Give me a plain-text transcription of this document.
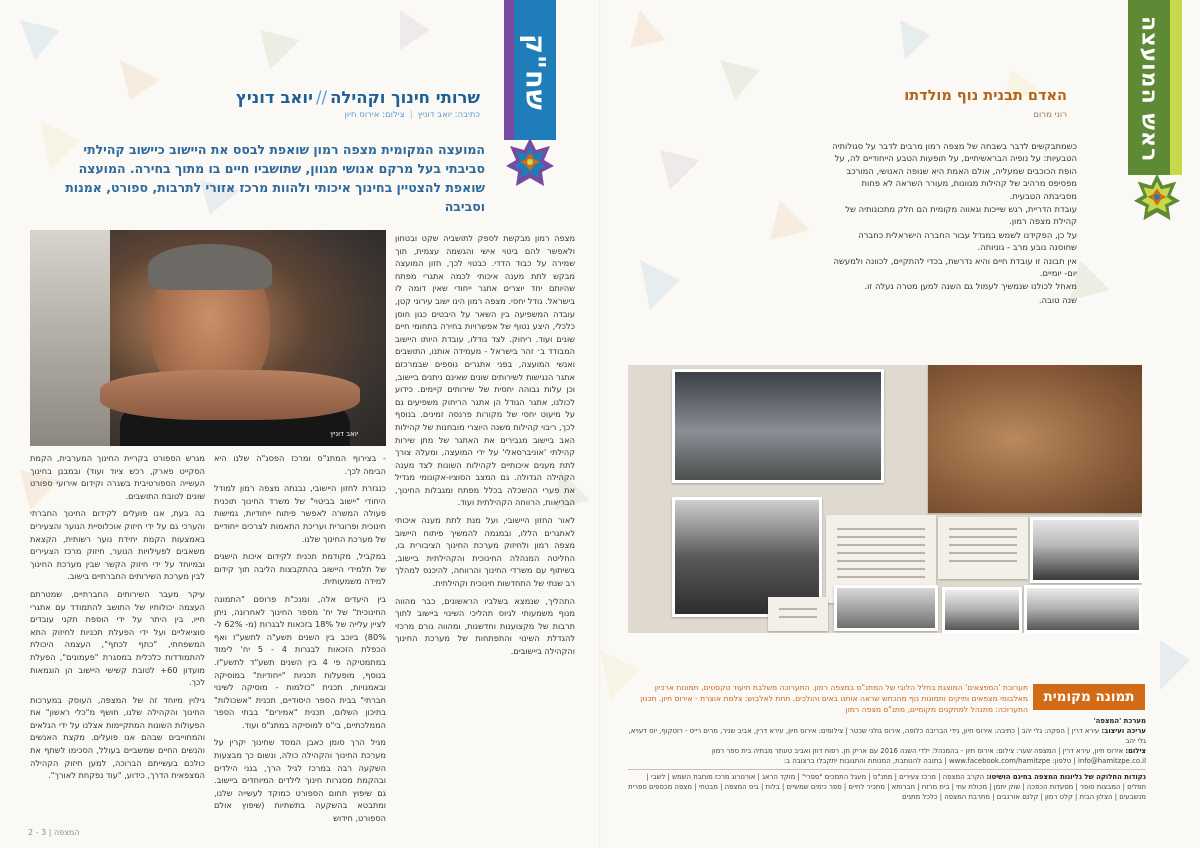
שח"ק
שרותי חינוך וקהילה//יואב דוניץ
כתיבה: יואב דוניץ|צילום: אירוס חיון
המועצה המקומית מצפה רמון שואפת לבסס את היישוב כיישוב קהילתי סביבתי בעל מרקם אנושי מגוון, שתושביו חיים בו מתוך בחירה. המועצה שואפת להצטיין בחינוך איכותי ולהוות מרכז אזורי לתרבות, ספורט, אמנות וסביבה
יואב דוניץ

מצפה רמון מבקשת לספק לתושביה שקט ובטחון ולאפשר להם ביטוי אישי והגשמה עצמית, תוך שמירה על כבוד הדדי. כבטוי לכך, חזון המועצה מבקש לתת מענה איכותי לכמה אתגרי מפתח שהיותם יחד יוצרים אתגר ייחודי שאין דומה לו בישראל. גודל יחסי. מצפה רמון הינו ישוב עירוני קטן, עובדה המשפיעה בין השאר על היבטים כגון חוסן כלכלי, היצע נטוף של אפשרויות בחירה בתחומי חיים שונים ועוד. ריחוק. לצד גודלו, עובדת היותו היישוב המבודד ב׳ זהר בישראל - מעמידה אותנו, התושבים ואנשי המועצה, בפני אתגרים נוספים שבמרכזם אתגר הנגישות לשירותים שונים שאינם ניתנים ביישוב, וכן עלות גבוהה יחסית של שירותים קיימים. כידוע לכולנו, אתגר הגודל הן אתגר הריחוק משפיעים גם על מיעוט יחסי של מקורות פרנסה זמינים. בנוסף לכך, ריבוי קהילות משנה היוצרי מובחנות של קהילות האב ביישוב מגבירים את האתגר של מתן שירות קהילתי 'אוניברסאלי' על ידי המועצה, ומעלה צורך לתת מענים איכותיים לקהילות השונות לצד מענה הקהילה הגדולה. גם המצב הסוציו-אקונומי מגדיל את פערי ההשכלה בכלל מפתח ומגבלות החינוך, הבריאות, הרווחה הקהילתית ועוד.

לאור החזון היישובי, ועל מנת לתת מענה איכותי לאתגרים הללו, ובמגמה להמשיך פיתוח היישוב מצפה רמון ולחיזוק מערכת החינוך הציבורית בו, החליטה המנהלה החינוכית והקהילתית ביישוב, בשיתוף עם משרדי החינוך והרווחה, להיכנס למהלך רב שנתי של התחדשות חינוכית וקהילתית.

התהליך, שנמצא בשלביו הראשונים, כבר מהווה מנוף משמעותי לגיוס תהליכי השינוי ביישוב לתוך תרבות של מקצוענות וחדשנות, ומהווה גורם מרכזי להגדלת השינוי והתפתחות של מערכת החינוך והקהילה ביישובים.

- בצירוף המתנ"ס ומרכז הפסג"ה שלנו היא הבימה לכך.

כנגזרת לחזון היישובי, נבנתה מצפה רמון למודל היחודי "יישוב בביטוי" של משרד החינוך תוכנית פעולה המשרה לאפשר פיתוח ייחודיות, גמישות חינוכית ופרוגרית ועריכת התאמות לצרכים ייחודיים של מערכת החינוך שלנו.

במקביל, מקודמת תכנית לקידום איכות הישגים של תלמידי היישוב בהתקבצות הליבה תוך קידום למידה משמעותית.

בין היעדים אלה, ומנכ"ת פרוסם "התמונה החינוכית" של יח' מספר החינוך לאחרונה, ניתן לציין עלייה של 18% בזכאות לבגרות (מ- 62% ל- 80%) ביוכב בין השנים תשע"ה לתשע"ז ואף הכפלת הזכאות לבגרות 4 - 5 יח' לימוד במתמטיקה פי 4 בין השנים תשע"ד לתשע"ז. בנוסף, מופעלות תכניות "ייחודיות" במוסיקה ובאמנויות, תכנית "כולמות - מוסיקה לשינוי חברתי" בבית הספר היסודיים, תכנית "אשכולות" בתיכון השלום, תכנית "אמירים" בבתי הספר הממלכתיים, בי"ס למוסיקה במתנ"ס ועוד.

מגיל הרך סומן כאבן המסד שחינוך יקרין על מערכת החינוך והקהילה כולה, ונשום כך מבצעות השקעה רבה במרכז לגיל הרך, בגני הילדים ובהקמת מסגרות חינוך לילדים המיוחדים ביישוב. גם שיפוץ תחום הספורט כמוקד לעשייה שלנו, ומתבטא בהשקעה בתשתיות (שיפוץ אולם הספורט, חידוש

מגרש הספורט בקריית החינוך המערבית, הקמת הסקייט פארק, רכש ציוד ועוד) ובמבנן בחינוך העשייה הספורטיבית בשגרה וקידום אירועי ספורט שונים לטובת התושבים.

בה בעת, אנו פועלים לקידום החינוך החברתי והערכי גם על ידי חיזוק אוכלוסיית הנוער והצעירים באמצעות הקמת יחידת נוער רשותית, הקצאת משאבים לפעילויות הנוער, חיזוק מרכז הצעירים ובמיוחד על ידי חיזוק הקשר שבין מערכת החינוך לבין מערכת השירותים החברתיים בישוב.

עיקר מעבר השירותים החברתיים, שמטרתם העצמה יכולותיו של התושב להתמודד עם אתגרי חייו, בין היתר על ידי הוספת תקני עובדים סוציאליים ועל ידי הפעלת תכניות לחיזוק התא המשפחתי, "כתף לכתף", העצמה היכולת להתמודדות כלכלית במסגרת "פעמונים", הפעלת מועדון 60+ לטובת קשישי היישוב הן הוגמאות לכך.

גילוין מיוחד זה של המצפה, העוסק במערכות החינוך והקהילה שלנו, חושף מ"כלי ראשון" את הפעולות השונות המתקיימות אצלנו על ידי הגלאים והמחוייבים שבהם אנו פועלים. מקצת האנשים והנשים החיים שמשביים בעולל, הסכימו לשתף את כולכם בעשייתם הברוכה, למען חיזוק הקהילה המצפאית הדרך, כידוע, "עוד נפקחת לאורך".

2 - 3 | המצפה
ראש המועצה
האדם תבנית נוף מולדתו
רוני מרום

כשמתבקשים לדבר בשבחה של מצפה רמון מרבים לדבר על סגולותיה הטבעיות: על נופיה הבראשיתיים, על תופעות הטבע הייחודיים לה, על הופת הכוכבים שמעליה, אולם האמת היא שנופה האנושי, המורכב מפסיפס מרהיב של קהילות מגוונות, מעורר השראה לא פחות מסביבתה הטבעית.

עובדת הדריית, רגש שייכות וגאווה מקומית הם חלק מתכונותיה של קהילת מצפה רמון.

על כן, הפקידנו לשמש במגדל עבור החברה הישראלית כחברה שחוסנה נובע מרב - גוניותה.

אין תבונה זו עובדת חיים והיא נדרשת, בכדי להתקיים, לכוונה ולמעשה יום- יומיים.

מאחל לכולנו שנמשיך לעמול גם השנה למען מטרה נעלה זו.

שנה טובה.

תמונה מקומית
תערוכת 'המפצאים' המוצגת בחלל הלובי של המתנ"ס במצפה רמון. התערוכה משלבת תיעוד טקסטים, תמונות ארכיון מאלבומי מצפאים ותיקים ותמונות נוף מהכתש שראה אותנו באים והולכים. תחת לאלבוש: צלמת אוצרת - אירוס חיון. תכנון התערוכה: מתנהל למתקנים מקומיים, מתנ"ס מצפה רמון
מערכת 'המצפה'
עריכה ועיצוב: עירא דרין | הפקה: גלי יהב | כתיבה: אירוס חיון, נידי הבריבה כלופה, אירוס גולני שכטר | צילומים: אירוס חיון, עירא דרין, אביב שניר, מרים רייס - רוטקוף, יוס דעויא, גלי יהב
צילום: אירוס חיון, עירא דרין | המצפה שער: צילום: אירוס חיון - בהמנהל: ילדי השנה 2016 עם אריק חן. רפוח דוזן ואביב טעתר מבתיה בית ספר רמון
info@hamitzpe.co.il | טלפון: www.facebook.com/hamitzpe | בתובה להנותבת, המנוחת והתגובות יתקבלו ברצובה ב:
נקודות החלוקה של גליונות המצפה בחינם הושיטו: הקרב המצפה | מרכז צעירים | מתנ"ס | מעגל התמכים "ספרי" | מוקד הראג | אורנורוג מרכז מוחבת השמש | לשבי | תפלים | המבצות סופר | מסעדות הכפכה | שוק יחמן | מכולת עוזי | בית מרזח | חברותא | מתכיר לחיים | ספר כימים שמשיים | בלות | ביס המצפה | מבטחי | מצפה מכספים ספרית מנשבעים | הצלון הבית | קלט רמון | קלנם אורנבים | מתרבת המצפה | כלכל מתנים
